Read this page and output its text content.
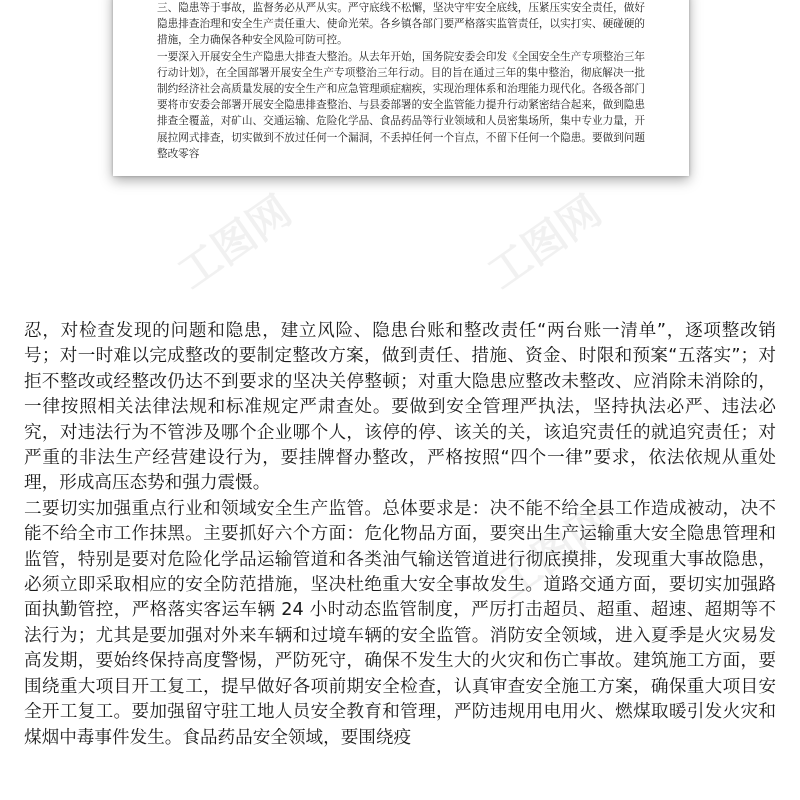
三、隐患等于事故，监督务必从严从实。严守底线不松懈，坚决守牢安全底线，压紧压实安全责任，做好隐患排查治理和安全生产责任重大、使命光荣。各乡镇各部门要严格落实监管责任，以实打实、硬碰硬的措施，全力确保各种安全风险可防可控。

一要深入开展安全生产隐患大排查大整治。从去年开始，国务院安委会印发《全国安全生产专项整治三年行动计划》，在全国部署开展安全生产专项整治三年行动。目的旨在通过三年的集中整治，彻底解决一批制约经济社会高质量发展的安全生产和应急管理顽症痼疾，实现治理体系和治理能力现代化。各级各部门要将市安委会部署开展安全隐患排查整治、与县委部署的安全监管能力提升行动紧密结合起来，做到隐患排查全覆盖，对矿山、交通运输、危险化学品、食品药品等行业领域和人员密集场所，集中专业力量，开展拉网式排查，切实做到不放过任何一个漏洞，不丢掉任何一个盲点，不留下任何一个隐患。要做到问题整改零容

工图网	工图网
工图网

忍，对检查发现的问题和隐患，建立风险、隐患台账和整改责任“两台账一清单”，逐项整改销号；对一时难以完成整改的要制定整改方案，做到责任、措施、资金、时限和预案“五落实”；对拒不整改或经整改仍达不到要求的坚决关停整顿；对重大隐患应整改未整改、应消除未消除的，一律按照相关法律法规和标准规定严肃查处。要做到安全管理严执法，坚持执法必严、违法必究，对违法行为不管涉及哪个企业哪个人，该停的停、该关的关，该追究责任的就追究责任；对严重的非法生产经营建设行为，要挂牌督办整改，严格按照“四个一律”要求，依法依规从重处理，形成高压态势和强力震慑。

二要切实加强重点行业和领域安全生产监管。总体要求是：决不能不给全县工作造成被动，决不能不给全市工作抹黑。主要抓好六个方面：危化物品方面，要突出生产运输重大安全隐患管理和监管，特别是要对危险化学品运输管道和各类油气输送管道进行彻底摸排，发现重大事故隐患，必须立即采取相应的安全防范措施，坚决杜绝重大安全事故发生。道路交通方面，要切实加强路面执勤管控，严格落实客运车辆 24 小时动态监管制度，严厉打击超员、超重、超速、超期等不法行为；尤其是要加强对外来车辆和过境车辆的安全监管。消防安全领域，进入夏季是火灾易发高发期，要始终保持高度警惕，严防死守，确保不发生大的火灾和伤亡事故。建筑施工方面，要围绕重大项目开工复工，提早做好各项前期安全检查，认真审查安全施工方案，确保重大项目安全开工复工。要加强留守驻工地人员安全教育和管理，严防违规用电用火、燃煤取暖引发火灾和煤烟中毒事件发生。食品药品安全领域，要围绕疫
